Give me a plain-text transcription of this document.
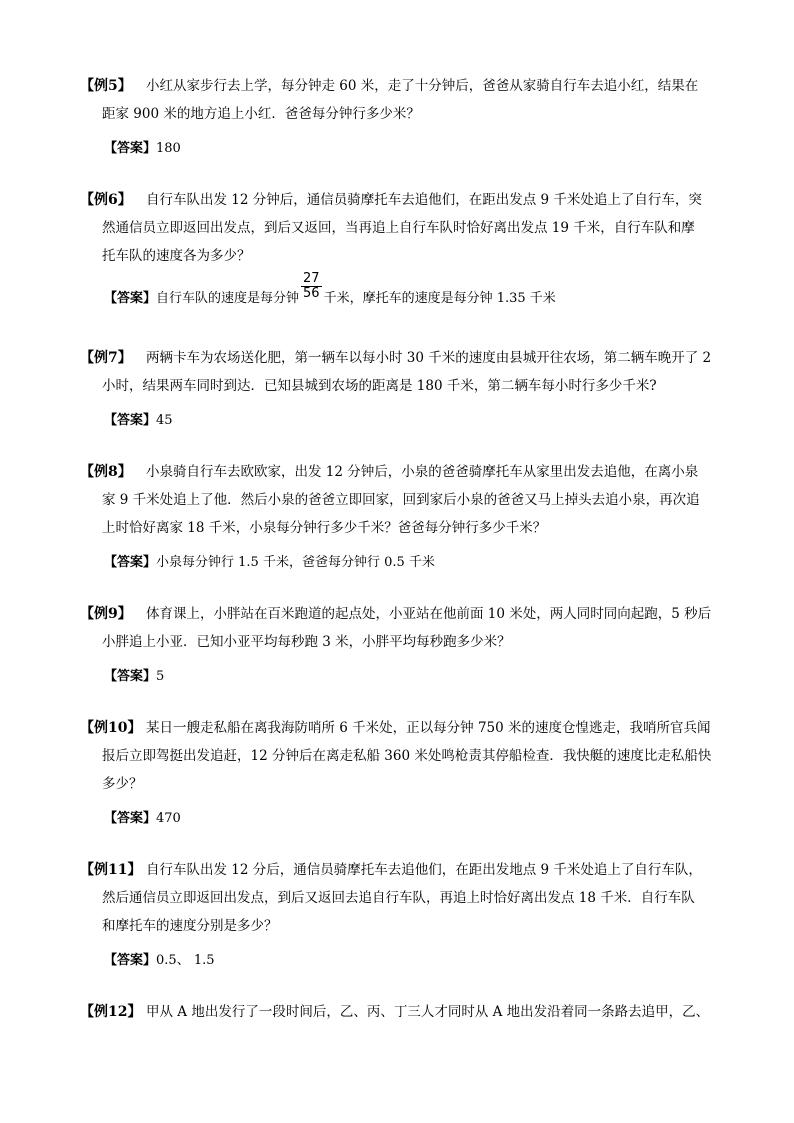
【例5】 小红从家步行去上学，每分钟走 60 米，走了十分钟后，爸爸从家骑自行车去追小红，结果在
距家 900 米的地方追上小红．爸爸每分钟行多少米？
【答案】180
【例6】 自行车队出发 12 分钟后，通信员骑摩托车去追他们，在距出发点 9 千米处追上了自行车，突
然通信员立即返回出发点，到后又返回，当再追上自行车队时恰好离出发点 19 千米，自行车队和摩
托车队的速度各为多少？
【答案】自行车队的速度是每分钟 $\frac{27}{56}$ 千米，摩托车的速度是每分钟 1.35 千米
【例7】 两辆卡车为农场送化肥，第一辆车以每小时 30 千米的速度由县城开往农场，第二辆车晚开了 2
小时，结果两车同时到达．已知县城到农场的距离是 180 千米，第二辆车每小时行多少千米?
【答案】45
【例8】 小泉骑自行车去欧欧家，出发 12 分钟后，小泉的爸爸骑摩托车从家里出发去追他，在离小泉
家 9 千米处追上了他．然后小泉的爸爸立即回家，回到家后小泉的爸爸又马上掉头去追小泉，再次追
上时恰好离家 18 千米，小泉每分钟行多少千米？爸爸每分钟行多少千米？
【答案】小泉每分钟行 1.5 千米，爸爸每分钟行 0.5 千米
【例9】 体育课上，小胖站在百米跑道的起点处，小亚站在他前面 10 米处，两人同时同向起跑，5 秒后
小胖追上小亚．已知小亚平均每秒跑 3 米，小胖平均每秒跑多少米？
【答案】5
【例10】 某日一艘走私船在离我海防哨所 6 千米处，正以每分钟 750 米的速度仓惶逃走，我哨所官兵闻
报后立即驾挺出发追赶，12 分钟后在离走私船 360 米处鸣枪责其停船检查．我快艇的速度比走私船快
多少？
【答案】470
【例11】 自行车队出发 12 分后，通信员骑摩托车去追他们，在距出发地点 9 千米处追上了自行车队，
然后通信员立即返回出发点，到后又返回去追自行车队，再追上时恰好离出发点 18 千米．自行车队
和摩托车的速度分别是多少？
【答案】0.5、 1.5
【例12】 甲从 A 地出发行了一段时间后，乙、丙、丁三人才同时从 A 地出发沿着同一条路去追甲，乙、
